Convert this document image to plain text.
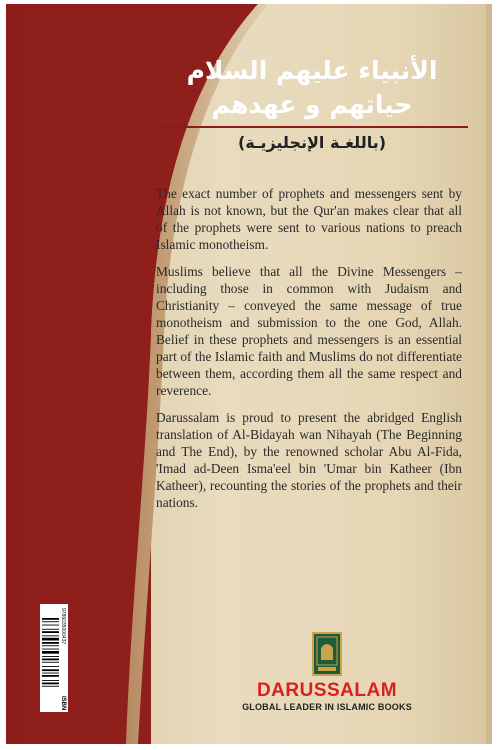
الأنبياء عليهم السلام
حياتهم و عهدهم
(باللغـة الإنجليزيـة)

The exact number of prophets and messengers sent by Allah is not known, but the Qur'an makes clear that all of the prophets were sent to various nations to preach Islamic monotheism.

Muslims believe that all the Divine Messengers – including those in common with Judaism and Christianity – conveyed the same message of true monotheism and submission to the one God, Allah. Belief in these prophets and messengers is an essential part of the Islamic faith and Muslims do not differentiate between them, according them all the same respect and reverence.

Darussalam is proud to present the abridged English translation of Al-Bidayah wan Nihayah (The Beginning and The End), by the renowned scholar Abu Al-Fida, 'Imad ad-Deen Isma'eel bin 'Umar bin Katheer (Ibn Katheer), recounting the stories of the prophets and their nations.

9786035000437
ISBN
DARUSSALAM
GLOBAL LEADER IN ISLAMIC BOOKS
